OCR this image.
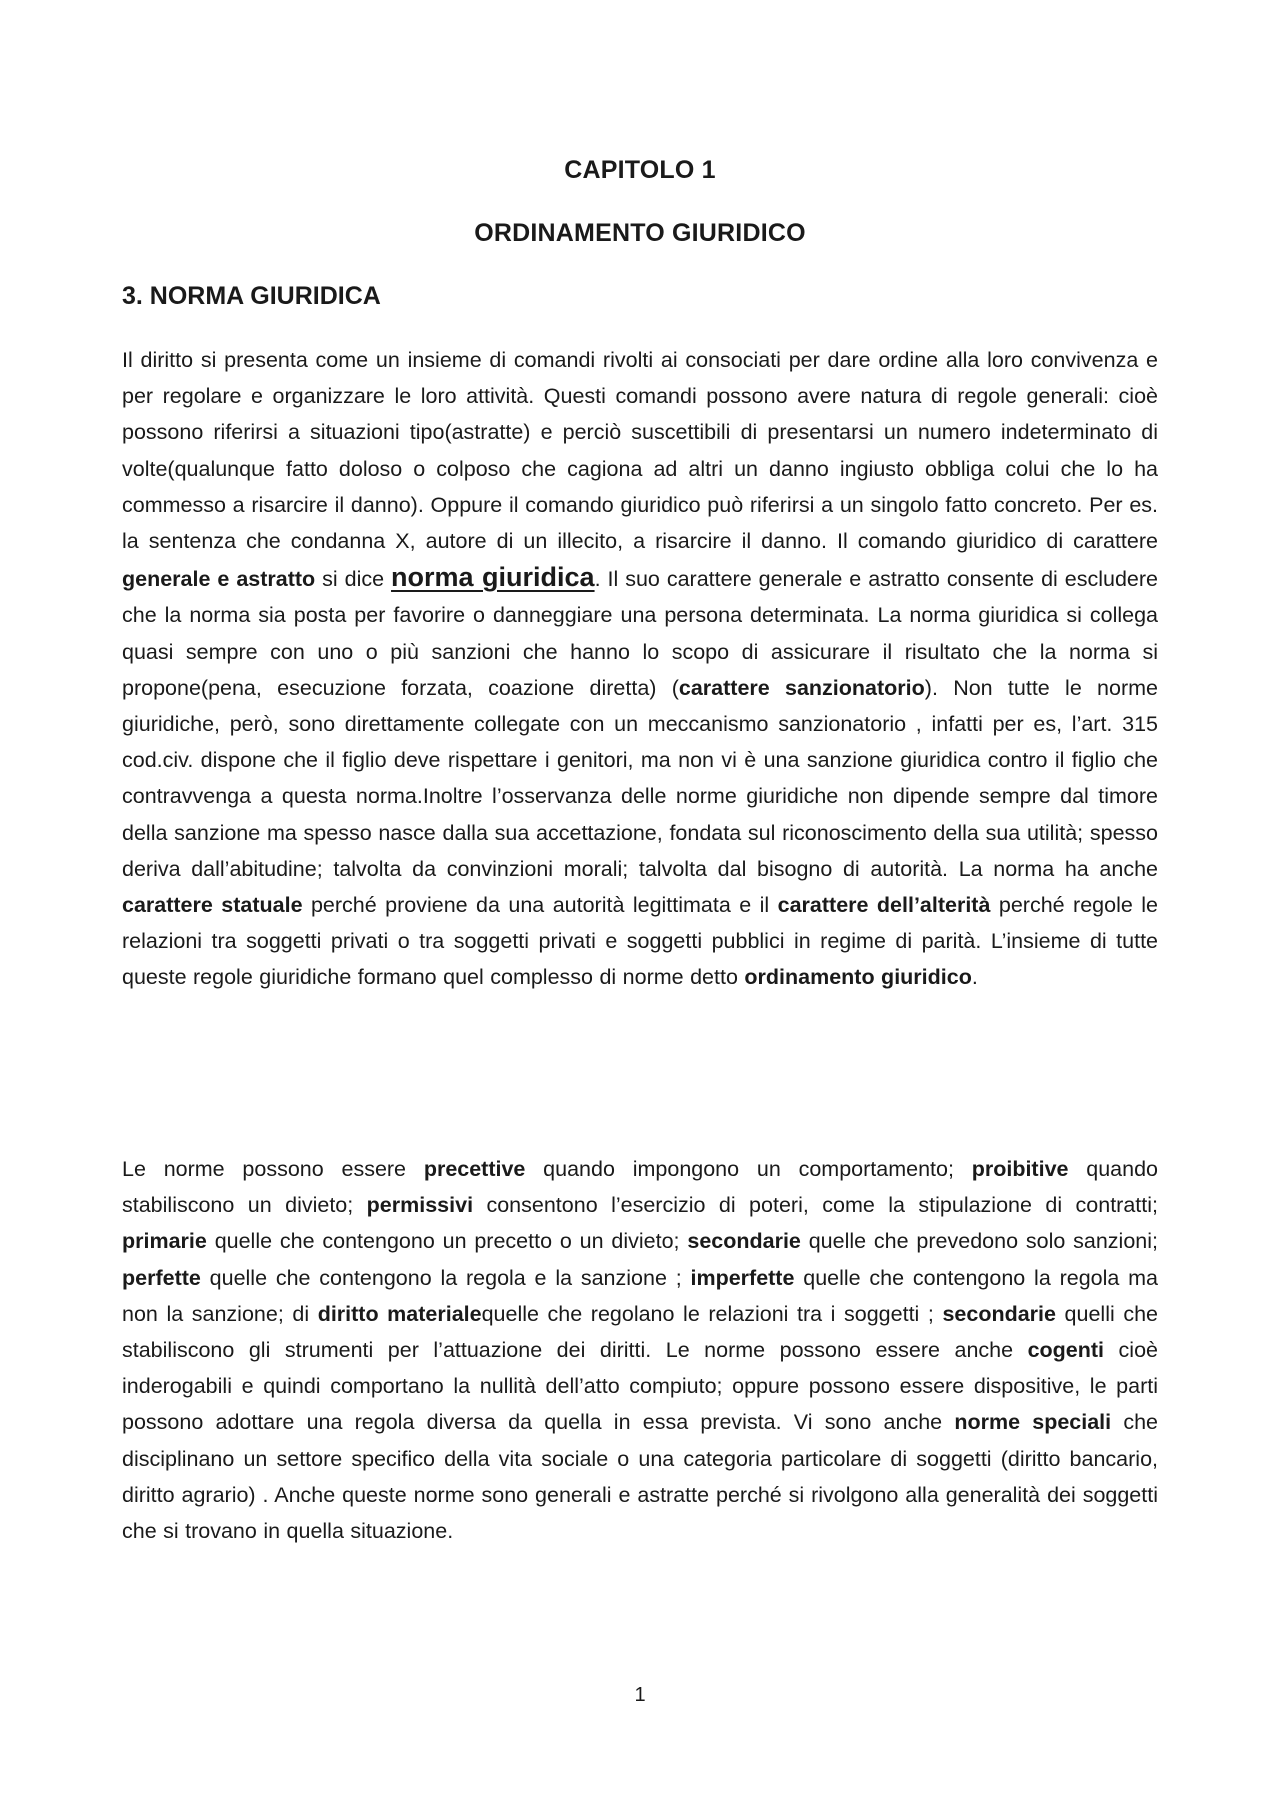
CAPITOLO 1
ORDINAMENTO GIURIDICO
3. NORMA GIURIDICA

Il diritto si presenta come un insieme di comandi rivolti ai consociati per dare ordine alla loro convivenza e per regolare e organizzare le loro attività. Questi comandi possono avere natura di regole generali: cioè possono riferirsi a situazioni tipo(astratte) e perciò suscettibili di presentarsi un numero indeterminato di volte(qualunque fatto doloso o colposo che cagiona ad altri un danno ingiusto obbliga colui che lo ha commesso a risarcire il danno). Oppure il comando giuridico può riferirsi a un singolo fatto concreto. Per es. la sentenza che condanna X, autore di un illecito, a risarcire il danno. Il comando giuridico di carattere generale e astratto si dice norma giuridica. Il suo carattere generale e astratto consente di escludere che la norma sia posta per favorire o danneggiare una persona determinata. La norma giuridica si collega quasi sempre con uno o più sanzioni che hanno lo scopo di assicurare il risultato che la norma si propone(pena, esecuzione forzata, coazione diretta) (carattere sanzionatorio). Non tutte le norme giuridiche, però, sono direttamente collegate con un meccanismo sanzionatorio , infatti per es, l’art. 315 cod.civ. dispone che il figlio deve rispettare i genitori, ma non vi è una sanzione giuridica contro il figlio che contravvenga a questa norma.Inoltre l’osservanza delle norme giuridiche non dipende sempre dal timore della sanzione ma spesso nasce dalla sua accettazione, fondata sul riconoscimento della sua utilità; spesso deriva dall’abitudine; talvolta da convinzioni morali; talvolta dal bisogno di autorità. La norma ha anche carattere statuale perché proviene da una autorità legittimata e il carattere dell’alterità perché regole le relazioni tra soggetti privati o tra soggetti privati e soggetti pubblici in regime di parità. L’insieme di tutte queste regole giuridiche formano quel complesso di norme detto ordinamento giuridico.

Le norme possono essere precettive quando impongono un comportamento; proibitive quando stabiliscono un divieto; permissivi consentono l’esercizio di poteri, come la stipulazione di contratti; primarie quelle che contengono un precetto o un divieto; secondarie quelle che prevedono solo sanzioni; perfette quelle che contengono la regola e la sanzione ; imperfette quelle che contengono la regola ma non la sanzione; di diritto materialequelle che regolano le relazioni tra i soggetti ; secondarie quelli che stabiliscono gli strumenti per l’attuazione dei diritti. Le norme possono essere anche cogenti cioè inderogabili e quindi comportano la nullità dell’atto compiuto; oppure possono essere dispositive, le parti possono adottare una regola diversa da quella in essa prevista. Vi sono anche norme speciali che disciplinano un settore specifico della vita sociale o una categoria particolare di soggetti (diritto bancario, diritto agrario) . Anche queste norme sono generali e astratte perché si rivolgono alla generalità dei soggetti che si trovano in quella situazione.

1
